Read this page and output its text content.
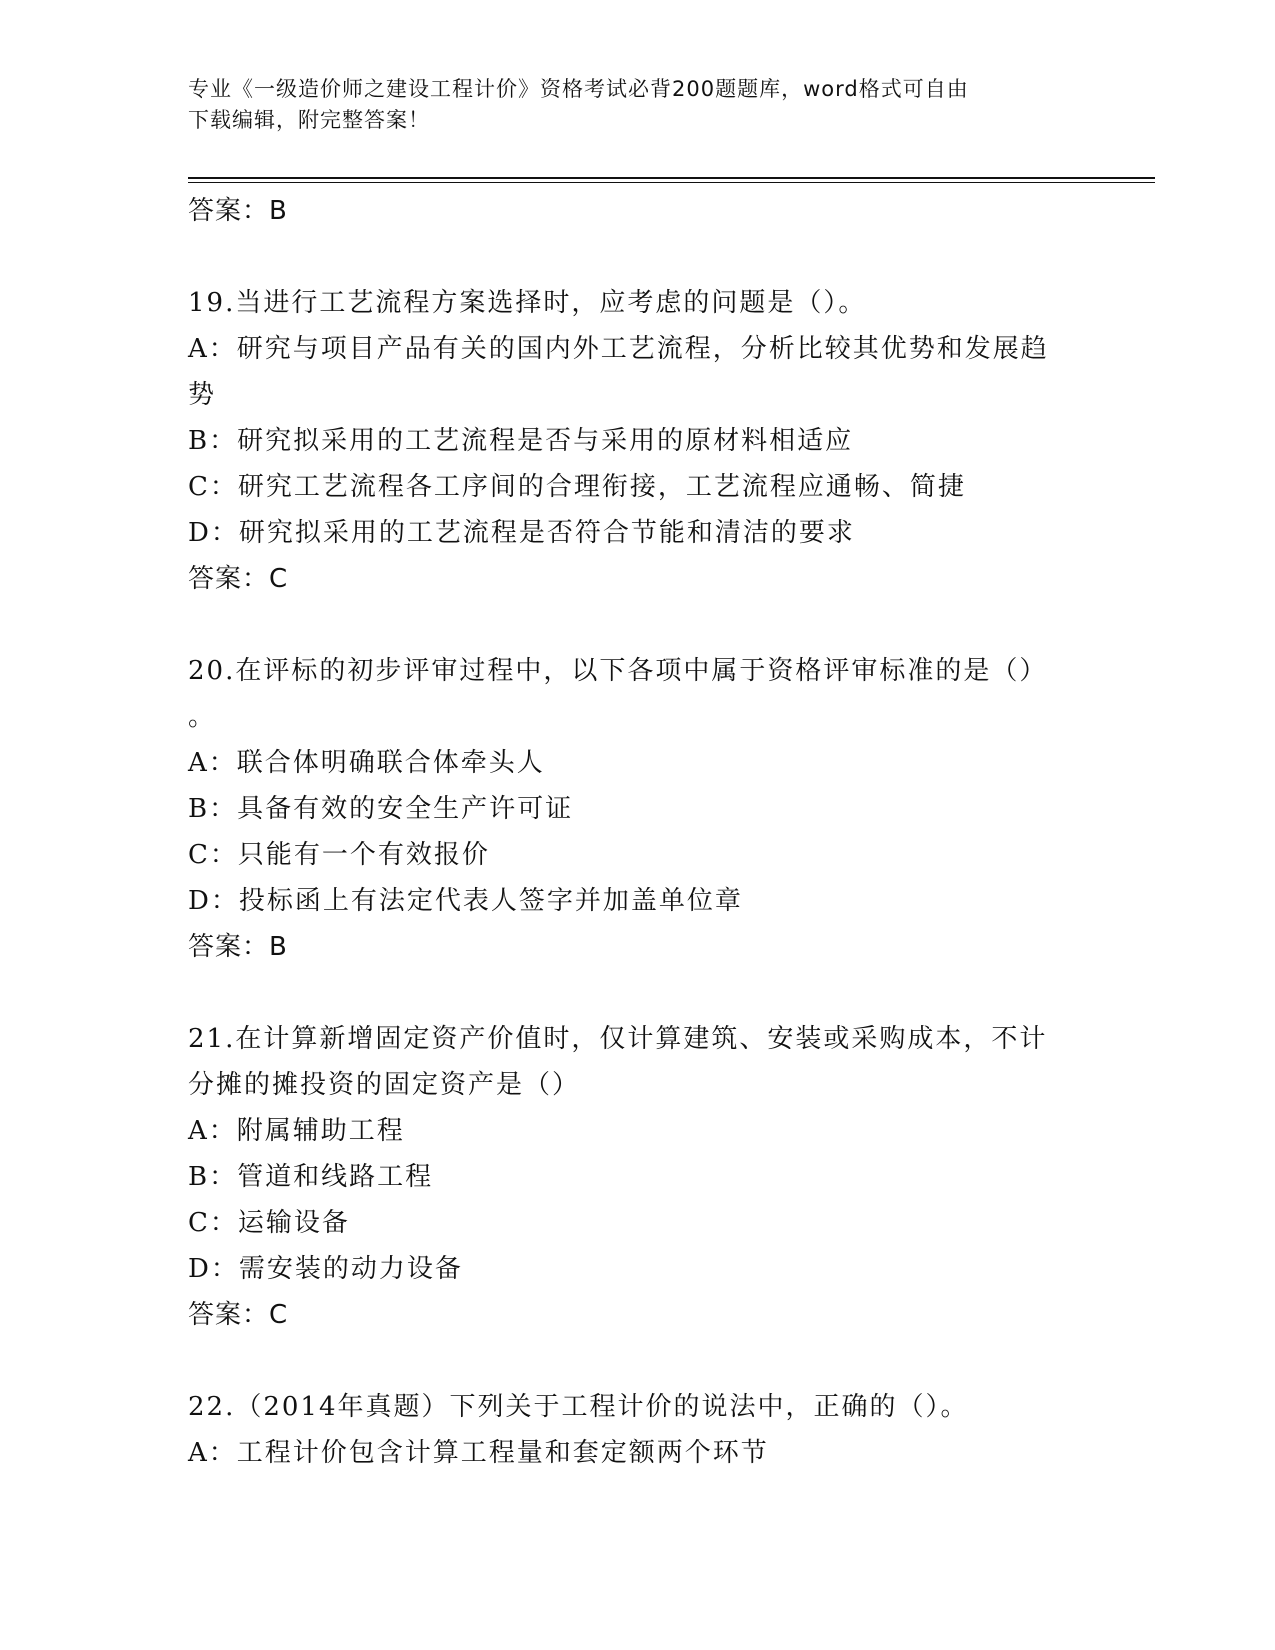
专业《一级造价师之建设工程计价》资格考试必背200题题库，word格式可自由
下载编辑，附完整答案！
答案：B
19.当进行工艺流程方案选择时，应考虑的问题是（）。
A：研究与项目产品有关的国内外工艺流程，分析比较其优势和发展趋
势
B：研究拟采用的工艺流程是否与采用的原材料相适应
C：研究工艺流程各工序间的合理衔接，工艺流程应通畅、简捷
D：研究拟采用的工艺流程是否符合节能和清洁的要求
答案：C
20.在评标的初步评审过程中，以下各项中属于资格评审标准的是（）
。
A：联合体明确联合体牵头人
B：具备有效的安全生产许可证
C：只能有一个有效报价
D：投标函上有法定代表人签字并加盖单位章
答案：B
21.在计算新增固定资产价值时，仅计算建筑、安装或采购成本，不计
分摊的摊投资的固定资产是（）
A：附属辅助工程
B：管道和线路工程
C：运输设备
D：需安装的动力设备
答案：C
22.（2014年真题）下列关于工程计价的说法中，正确的（）。
A：工程计价包含计算工程量和套定额两个环节
